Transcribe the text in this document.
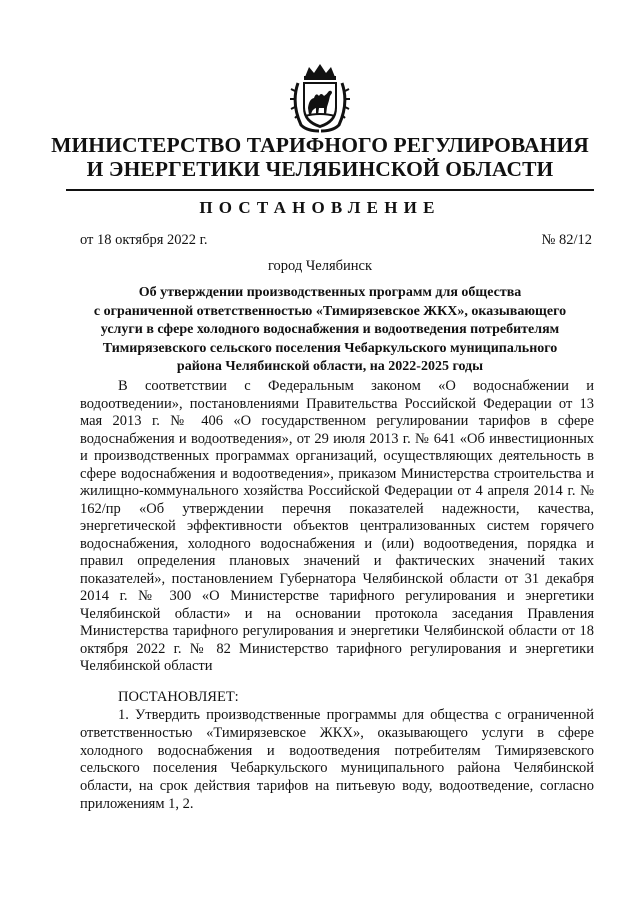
МИНИСТЕРСТВО ТАРИФНОГО РЕГУЛИРОВАНИЯ
И ЭНЕРГЕТИКИ ЧЕЛЯБИНСКОЙ ОБЛАСТИ
ПОСТАНОВЛЕНИЕ
от 18 октября 2022 г.	№ 82/12
город Челябинск
Об утверждении производственных программ для общества
с ограниченной ответственностью «Тимирязевское ЖКХ», оказывающего
услуги в сфере холодного водоснабжения и водоотведения потребителям
Тимирязевского сельского поселения Чебаркульского муниципального
района Челябинской области, на 2022-2025 годы

В соответствии с Федеральным законом «О водоснабжении и водоотведении», постановлениями Правительства Российской Федерации от 13 мая 2013 г. № 406 «О государственном регулировании тарифов в сфере водоснабжения и водоотведения», от 29 июля 2013 г. № 641 «Об инвестиционных и производственных программах организаций, осуществляющих деятельность в сфере водоснабжения и водоотведения», приказом Министерства строительства и жилищно-коммунального хозяйства Российской Федерации от 4 апреля 2014 г. № 162/пр «Об утверждении перечня показателей надежности, качества, энергетической эффективности объектов централизованных систем горячего водоснабжения, холодного водоснабжения и (или) водоотведения, порядка и правил определения плановых значений и фактических значений таких показателей», постановлением Губернатора Челябинской области от 31 декабря 2014 г. № 300 «О Министерстве тарифного регулирования и энергетики Челябинской области» и на основании протокола заседания Правления Министерства тарифного регулирования и энергетики Челябинской области от 18 октября 2022 г. № 82 Министерство тарифного регулирования и энергетики Челябинской области

ПОСТАНОВЛЯЕТ:

1. Утвердить производственные программы для общества с ограниченной ответственностью «Тимирязевское ЖКХ», оказывающего услуги в сфере холодного водоснабжения и водоотведения потребителям Тимирязевского сельского поселения Чебаркульского муниципального района Челябинской области, на срок действия тарифов на питьевую воду, водоотведение, согласно приложениям 1, 2.
